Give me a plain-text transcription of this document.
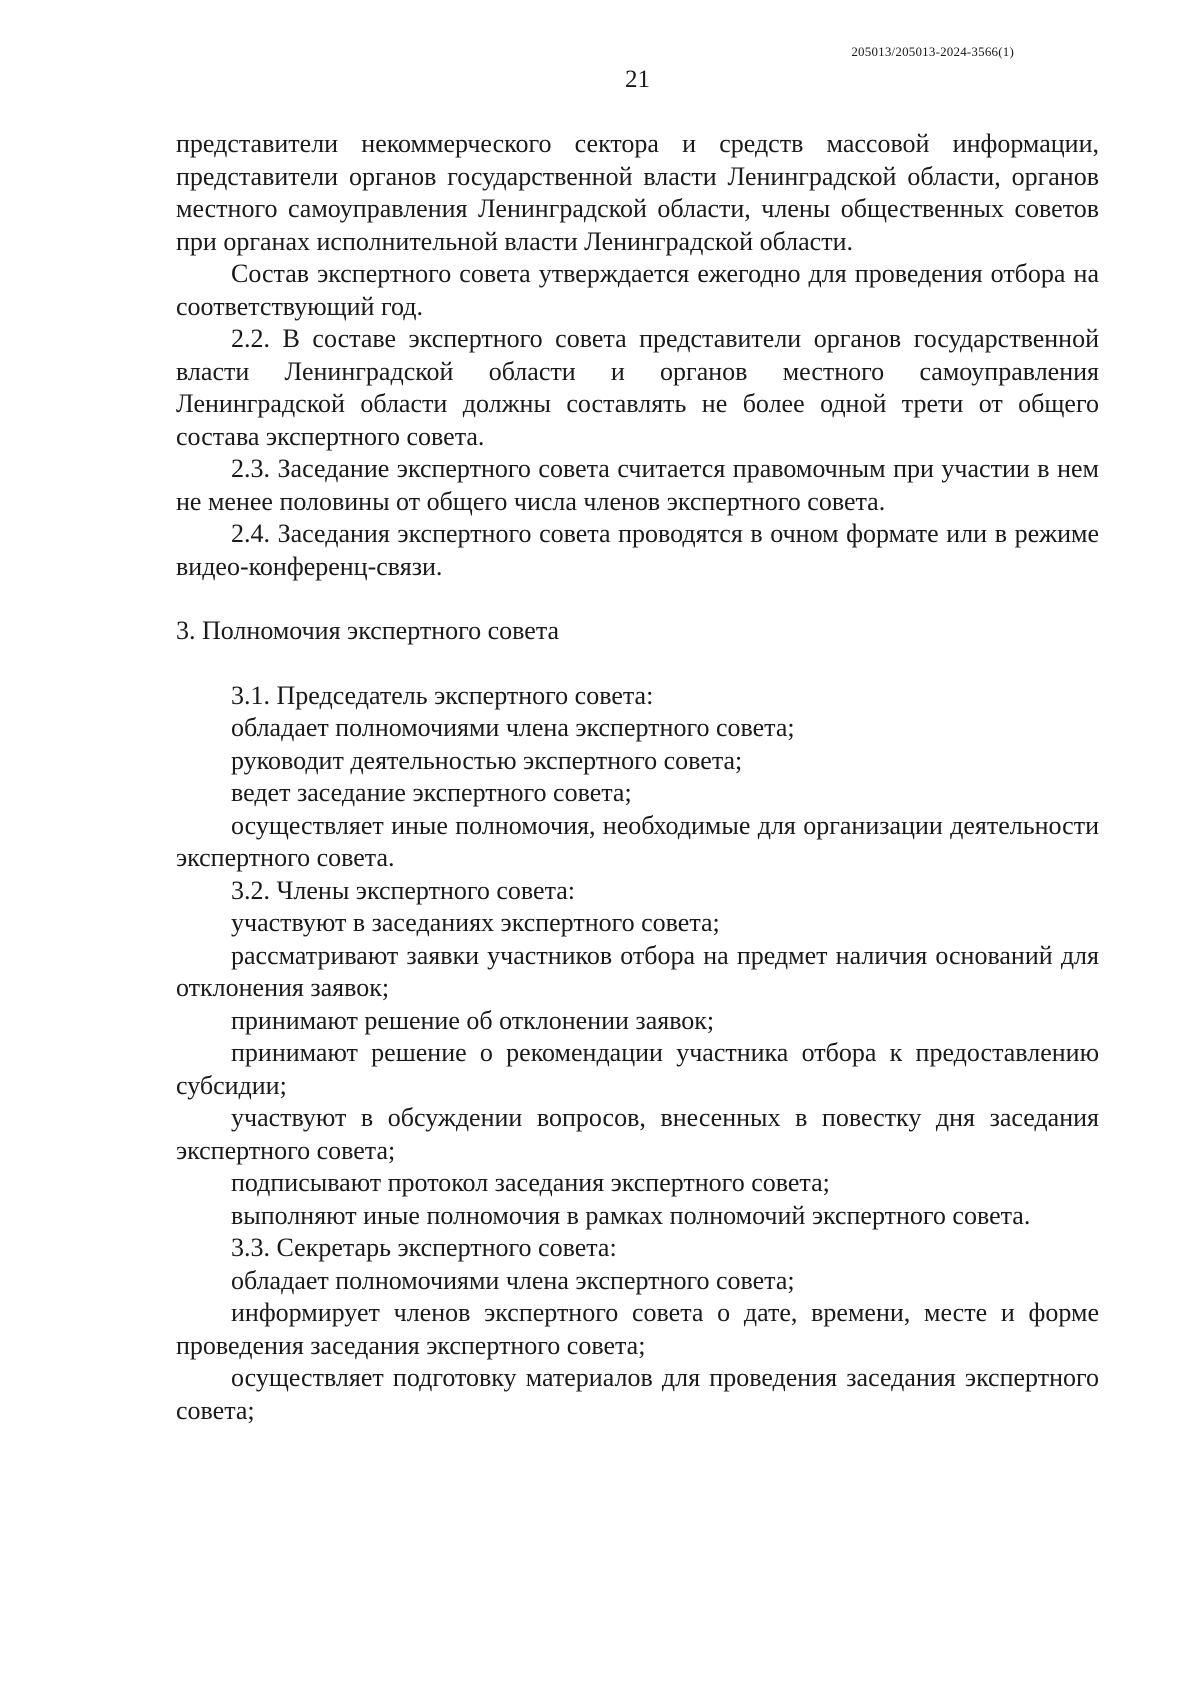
205013/205013-2024-3566(1)
21

представители некоммерческого сектора и средств массовой информации, представители органов государственной власти Ленинградской области, органов местного самоуправления Ленинградской области, члены общественных советов при органах исполнительной власти Ленинградской области.

Состав экспертного совета утверждается ежегодно для проведения отбора на соответствующий год.

2.2. В составе экспертного совета представители органов государственной власти Ленинградской области и органов местного самоуправления Ленинградской области должны составлять не более одной трети от общего состава экспертного совета.

2.3. Заседание экспертного совета считается правомочным при участии в нем не менее половины от общего числа членов экспертного совета.

2.4. Заседания экспертного совета проводятся в очном формате или в режиме видео-конференц-связи.

3. Полномочия экспертного совета

3.1. Председатель экспертного совета:

обладает полномочиями члена экспертного совета;

руководит деятельностью экспертного совета;

ведет заседание экспертного совета;

осуществляет иные полномочия, необходимые для организации деятельности экспертного совета.

3.2. Члены экспертного совета:

участвуют в заседаниях экспертного совета;

рассматривают заявки участников отбора на предмет наличия оснований для отклонения заявок;

принимают решение об отклонении заявок;

принимают решение о рекомендации участника отбора к предоставлению субсидии;

участвуют в обсуждении вопросов, внесенных в повестку дня заседания экспертного совета;

подписывают протокол заседания экспертного совета;

выполняют иные полномочия в рамках полномочий экспертного совета.

3.3. Секретарь экспертного совета:

обладает полномочиями члена экспертного совета;

информирует членов экспертного совета о дате, времени, месте и форме проведения заседания экспертного совета;

осуществляет подготовку материалов для проведения заседания экспертного совета;
